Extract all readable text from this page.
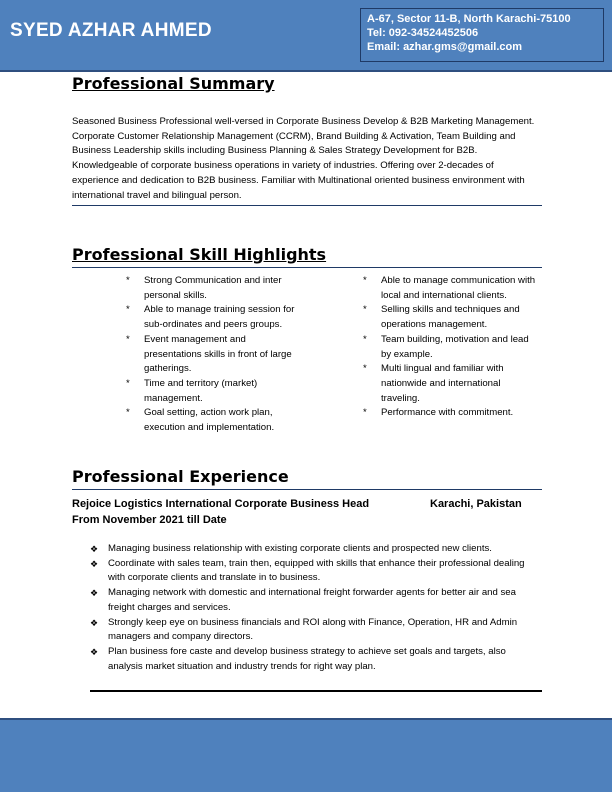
SYED AZHAR AHMED
A-67, Sector 11-B, North Karachi-75100
Tel: 092-34524452506
Email: azhar.gms@gmail.com
Professional Summary
Seasoned Business Professional well-versed in Corporate Business Develop & B2B Marketing Management. Corporate Customer Relationship Management (CCRM), Brand Building & Activation, Team Building and Business Leadership skills including Business Planning & Sales Strategy Development for B2B. Knowledgeable of corporate business operations in variety of industries. Offering over 2-decades of experience and dedication to B2B business. Familiar with Multinational oriented business environment with international travel and bilingual person.
Professional Skill Highlights
*	Strong Communication and inter personal skills.
*	Able to manage training session for sub-ordinates and peers groups.
*	Event management and presentations skills in front of large gatherings.
*	Time and territory (market) management.
*	Goal setting, action work plan, execution and implementation.
*	Able to manage communication with local and international clients.
*	Selling skills and techniques and operations management.
*	Team building, motivation and lead by example.
*	Multi lingual and familiar with nationwide and international traveling.
*	Performance with commitment.
Professional Experience
Rejoice Logistics International Corporate Business Head	Karachi, Pakistan
From November 2021 till Date
❖	Managing business relationship with existing corporate clients and prospected new clients.
❖	Coordinate with sales team, train then, equipped with skills that enhance their professional dealing with corporate clients and translate in to business.
❖	Managing network with domestic and international freight forwarder agents for better air and sea freight charges and services.
❖	Strongly keep eye on business financials and ROI along with Finance, Operation, HR and Admin managers and company directors.
❖	Plan business fore caste and develop business strategy to achieve set goals and targets, also analysis market situation and industry trends for right way plan.
